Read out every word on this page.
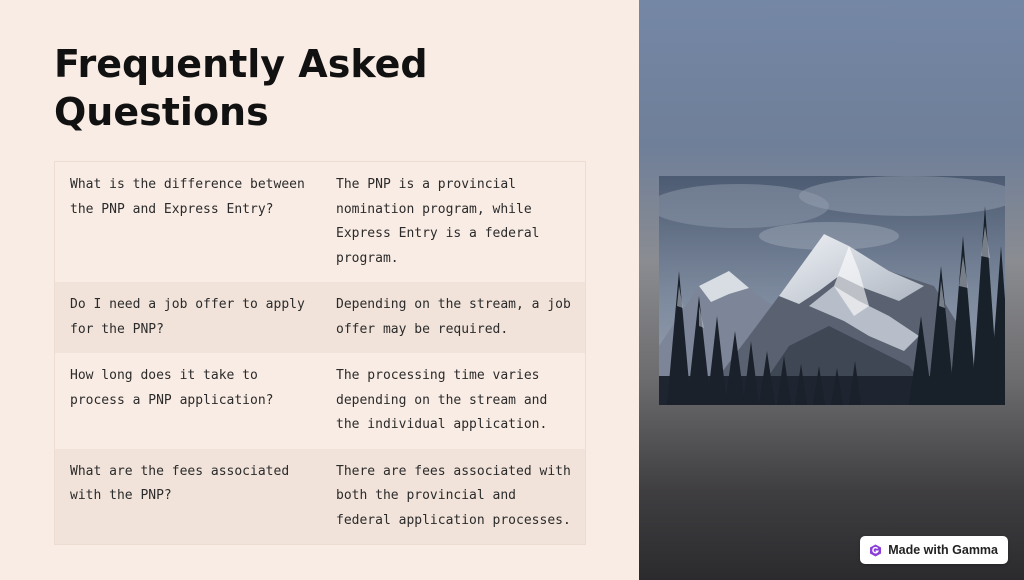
Frequently Asked Questions
What is the difference between the PNP and Express Entry?
The PNP is a provincial nomination program, while Express Entry is a federal program.
Do I need a job offer to apply for the PNP?
Depending on the stream, a job offer may be required.
How long does it take to process a PNP application?
The processing time varies depending on the stream and the individual application.
What are the fees associated with the PNP?
There are fees associated with both the provincial and federal application processes.
Made with Gamma
